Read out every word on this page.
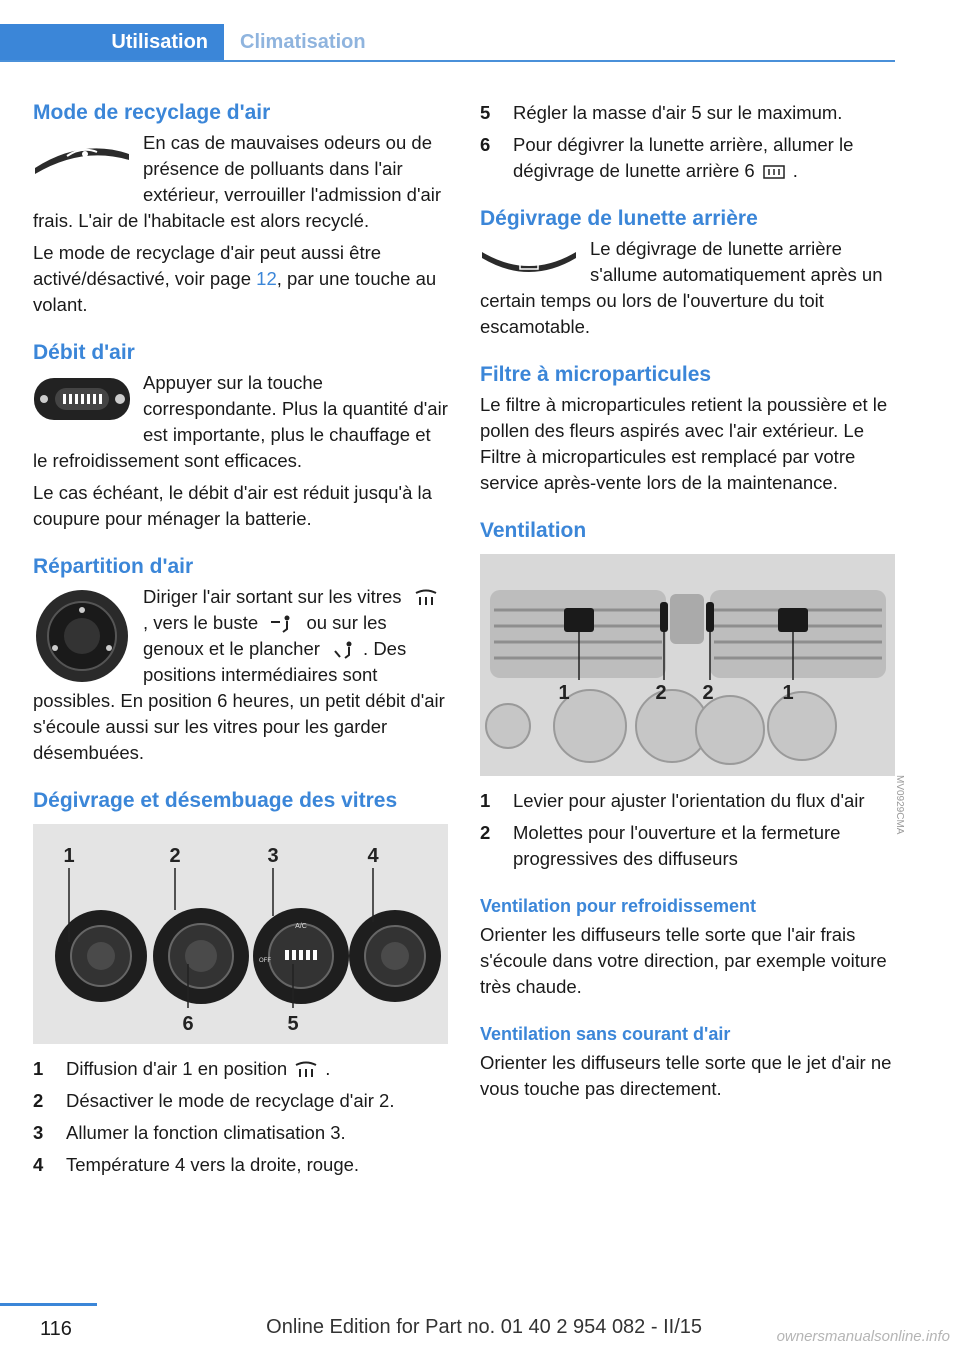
Utilisation	Climatisation
Mode de recyclage d'air

En cas de mauvaises odeurs ou de présence de polluants dans l'air extérieur, verrouiller l'admission d'air frais. L'air de l'habitacle est alors recyclé.

Le mode de recyclage d'air peut aussi être activé/désactivé, voir page 12, par une touche au volant.

Débit d'air

Appuyer sur la touche correspondante. Plus la quantité d'air est importante, plus le chauffage et le refroidissement sont efficaces.

Le cas échéant, le débit d'air est réduit jusqu'à la coupure pour ménager la batterie.

Répartition d'air

Diriger l'air sortant sur les vitres , vers le buste	ou sur les genoux et le plancher . Des positions intermédiaires sont possibles. En position 6 heures, un petit débit d'air s'écoule aussi sur les vitres pour les garder désembuées.

Dégivrage et désembuage des vitres
A/C
OFF
1	2	3	4
6	5
1	Diffusion d'air 1 en position .
2	Désactiver le mode de recyclage d'air 2.
3	Allumer la fonction climatisation 3.
4	Température 4 vers la droite, rouge.
5	Régler la masse d'air 5 sur le maximum.
6	Pour dégivrer la lunette arrière, allumer le dégivrage de lunette arrière 6 .
Dégivrage de lunette arrière

Le dégivrage de lunette arrière s'allume automatiquement après un certain temps ou lors de l'ouverture du toit escamotable.

Filtre à microparticules

Le filtre à microparticules retient la poussière et le pollen des fleurs aspirés avec l'air extérieur. Le Filtre à microparticules est remplacé par votre service après-vente lors de la maintenance.

Ventilation
1	2 2	1
1	Levier pour ajuster l'orientation du flux d'air
2	Molettes pour l'ouverture et la fermeture progressives des diffuseurs
Ventilation pour refroidissement

Orienter les diffuseurs telle sorte que l'air frais s'écoule dans votre direction, par exemple voiture très chaude.

Ventilation sans courant d'air

Orienter les diffuseurs telle sorte que le jet d'air ne vous touche pas directement.

MV0929CMA
116	Online Edition for Part no. 01 40 2 954 082 - II/15	ownersmanualsonline.info
